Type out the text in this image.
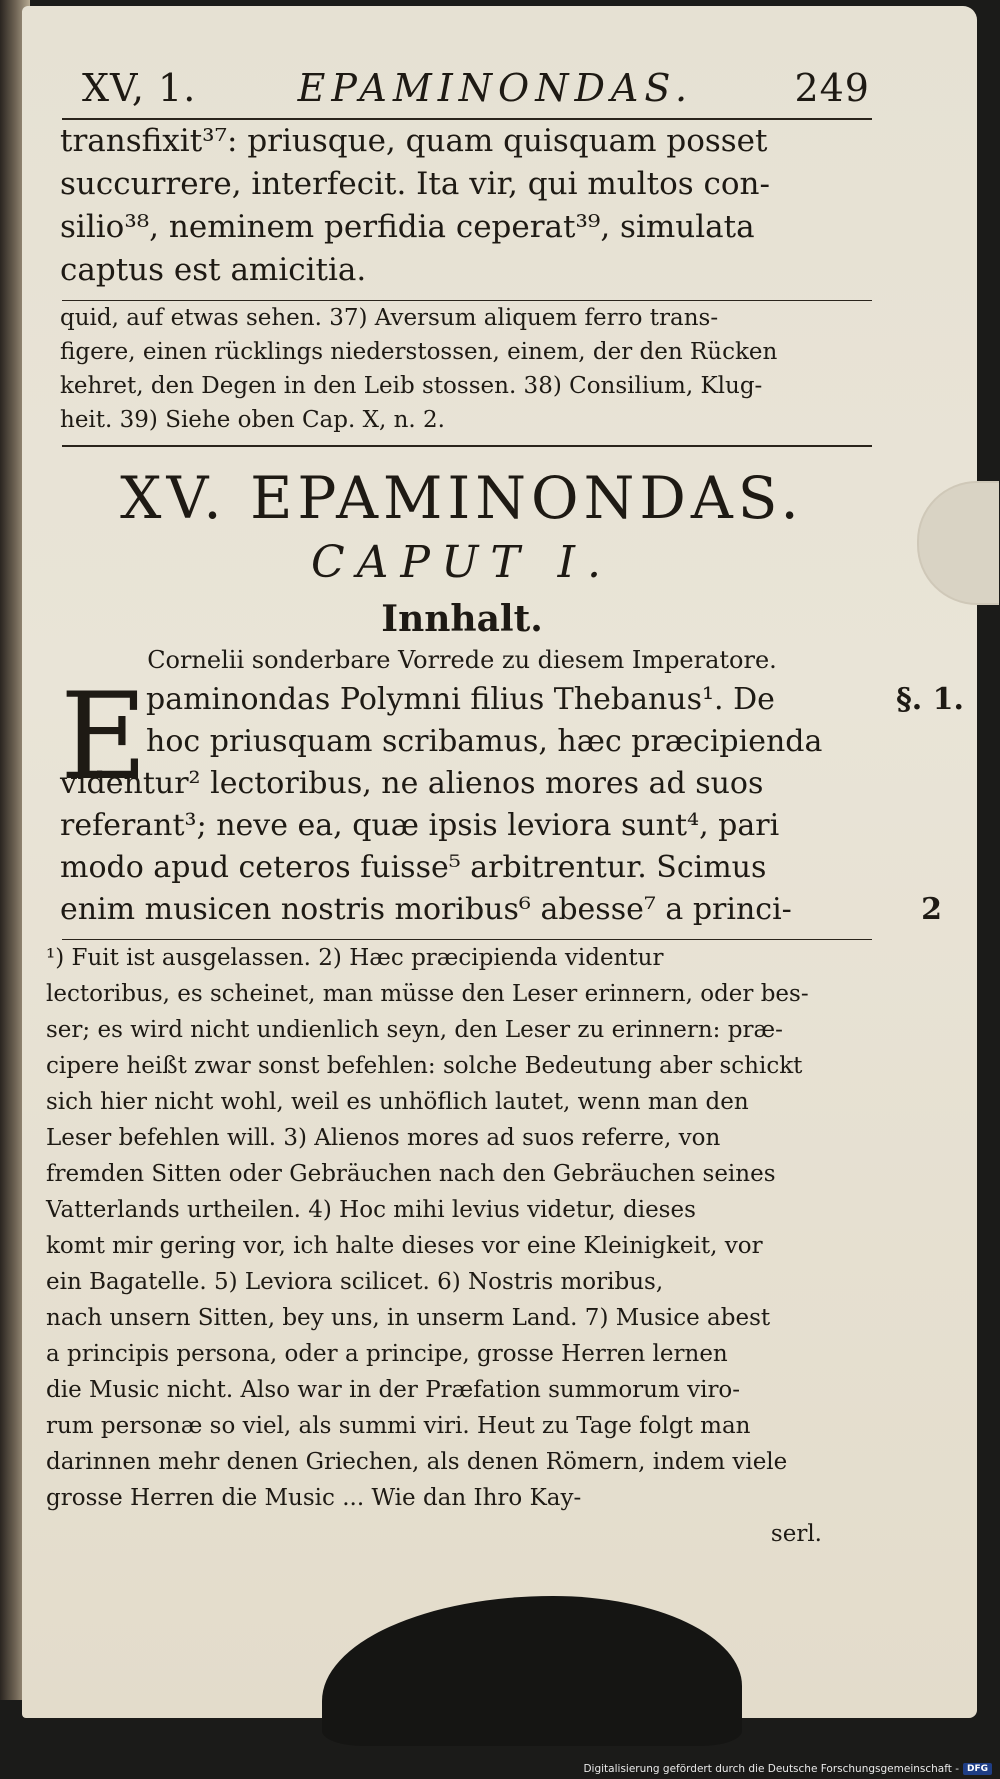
XV, 1.	EPAMINONDAS.	249
transfixit³⁷: priusque, quam quisquam posset
succurrere, interfecit. Ita vir, qui multos con-
silio³⁸, neminem perfidia ceperat³⁹, simulata
captus est amicitia.
quid, auf etwas sehen. 37) Aversum aliquem ferro trans-
figere, einen rücklings niederstossen, einem, der den Rücken
kehret, den Degen in den Leib stossen. 38) Consilium, Klug-
heit. 39) Siehe oben Cap. X, n. 2.
XV. EPAMINONDAS.
CAPUT I.
Innhalt.
Cornelii sonderbare Vorrede zu diesem Imperatore.
E	§. 1.
2
paminondas Polymni filius Thebanus¹. De
hoc priusquam scribamus, hæc præcipienda
videntur² lectoribus, ne alienos mores ad suos
referant³; neve ea, quæ ipsis leviora sunt⁴, pari
modo apud ceteros fuisse⁵ arbitrentur. Scimus
enim musicen nostris moribus⁶ abesse⁷ a princi-
¹) Fuit ist ausgelassen. 2) Hæc præcipienda videntur
lectoribus, es scheinet, man müsse den Leser erinnern, oder bes-
ser; es wird nicht undienlich seyn, den Leser zu erinnern: præ-
cipere heißt zwar sonst befehlen: solche Bedeutung aber schickt
sich hier nicht wohl, weil es unhöflich lautet, wenn man den
Leser befehlen will. 3) Alienos mores ad suos referre, von
fremden Sitten oder Gebräuchen nach den Gebräuchen seines
Vatterlands urtheilen. 4) Hoc mihi levius videtur, dieses
komt mir gering vor, ich halte dieses vor eine Kleinigkeit, vor
ein Bagatelle. 5) Leviora scilicet. 6) Nostris moribus,
nach unsern Sitten, bey uns, in unserm Land. 7) Musice abest
a principis persona, oder a principe, grosse Herren lernen
die Music nicht. Also war in der Præfation summorum viro-
rum personæ so viel, als summi viri. Heut zu Tage folgt man
darinnen mehr denen Griechen, als denen Römern, indem viele
grosse Herren die Music ... Wie dan Ihro Kay-
serl.
Digitalisierung gefördert durch die Deutsche Forschungsgemeinschaft - DFG
